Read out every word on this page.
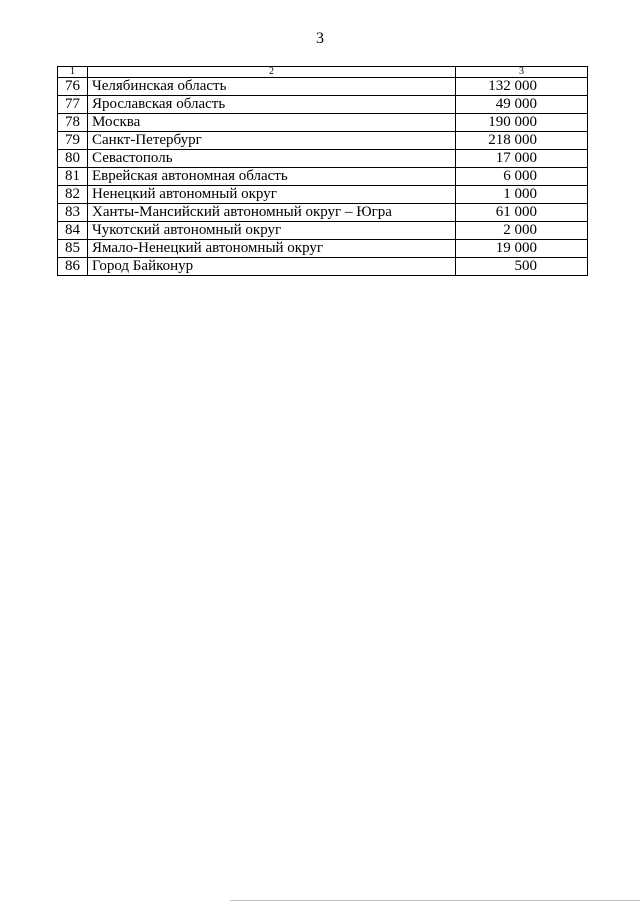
3
1	2	3
76	Челябинская область	132 000
77	Ярославская область	49 000
78	Москва	190 000
79	Санкт-Петербург	218 000
80	Севастополь	17 000
81	Еврейская автономная область	6 000
82	Ненецкий автономный округ	1 000
83	Ханты-Мансийский автономный округ – Югра	61 000
84	Чукотский автономный округ	2 000
85	Ямало-Ненецкий автономный округ	19 000
86	Город Байконур	500
